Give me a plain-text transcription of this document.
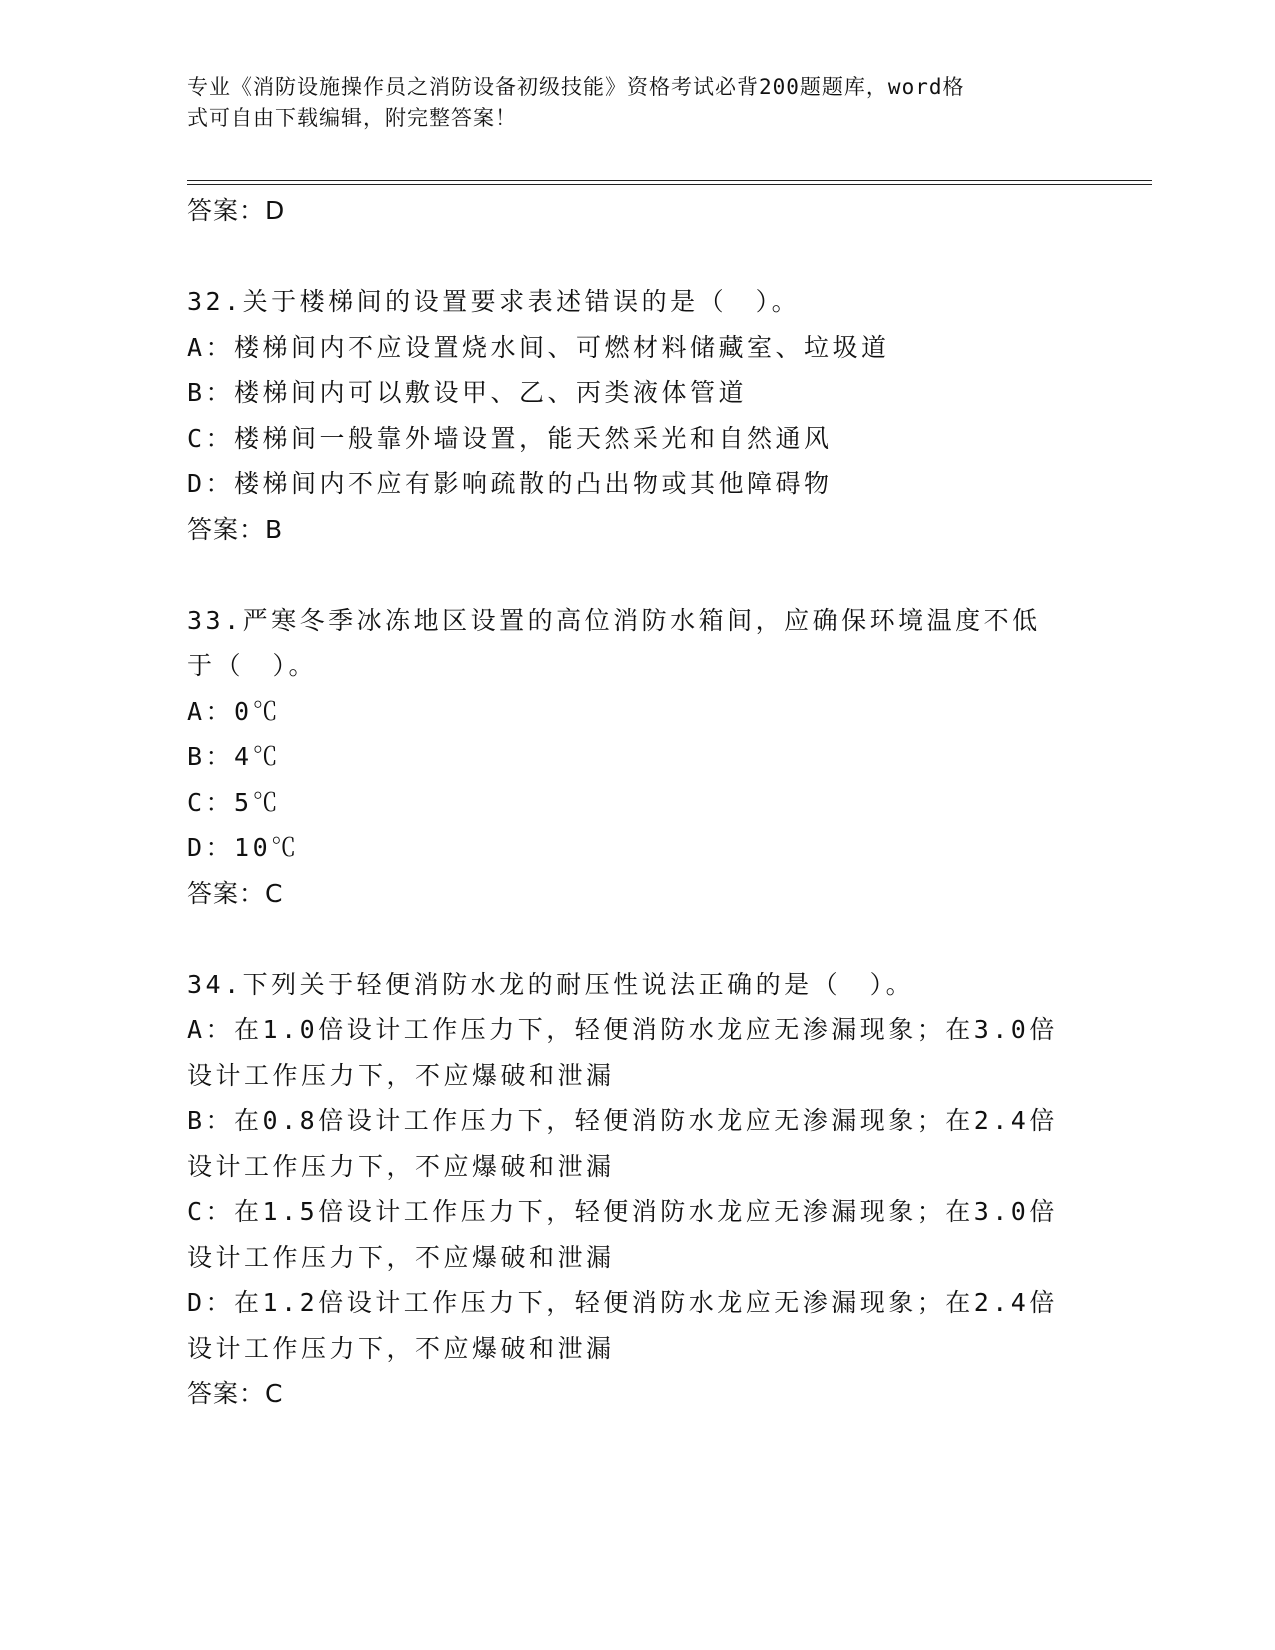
专业《消防设施操作员之消防设备初级技能》资格考试必背200题题库，word格
式可自由下载编辑，附完整答案！
答案：D
32.关于楼梯间的设置要求表述错误的是（　）。
A：楼梯间内不应设置烧水间、可燃材料储藏室、垃圾道
B：楼梯间内可以敷设甲、乙、丙类液体管道
C：楼梯间一般靠外墙设置，能天然采光和自然通风
D：楼梯间内不应有影响疏散的凸出物或其他障碍物
答案：B
33.严寒冬季冰冻地区设置的高位消防水箱间，应确保环境温度不低于（　）。
A：0℃
B：4℃
C：5℃
D：10℃
答案：C
34.下列关于轻便消防水龙的耐压性说法正确的是（　）。
A：在1.0倍设计工作压力下，轻便消防水龙应无渗漏现象；在3.0倍设计工作压力下，不应爆破和泄漏
B：在0.8倍设计工作压力下，轻便消防水龙应无渗漏现象；在2.4倍设计工作压力下，不应爆破和泄漏
C：在1.5倍设计工作压力下，轻便消防水龙应无渗漏现象；在3.0倍设计工作压力下，不应爆破和泄漏
D：在1.2倍设计工作压力下，轻便消防水龙应无渗漏现象；在2.4倍设计工作压力下，不应爆破和泄漏
答案：C
